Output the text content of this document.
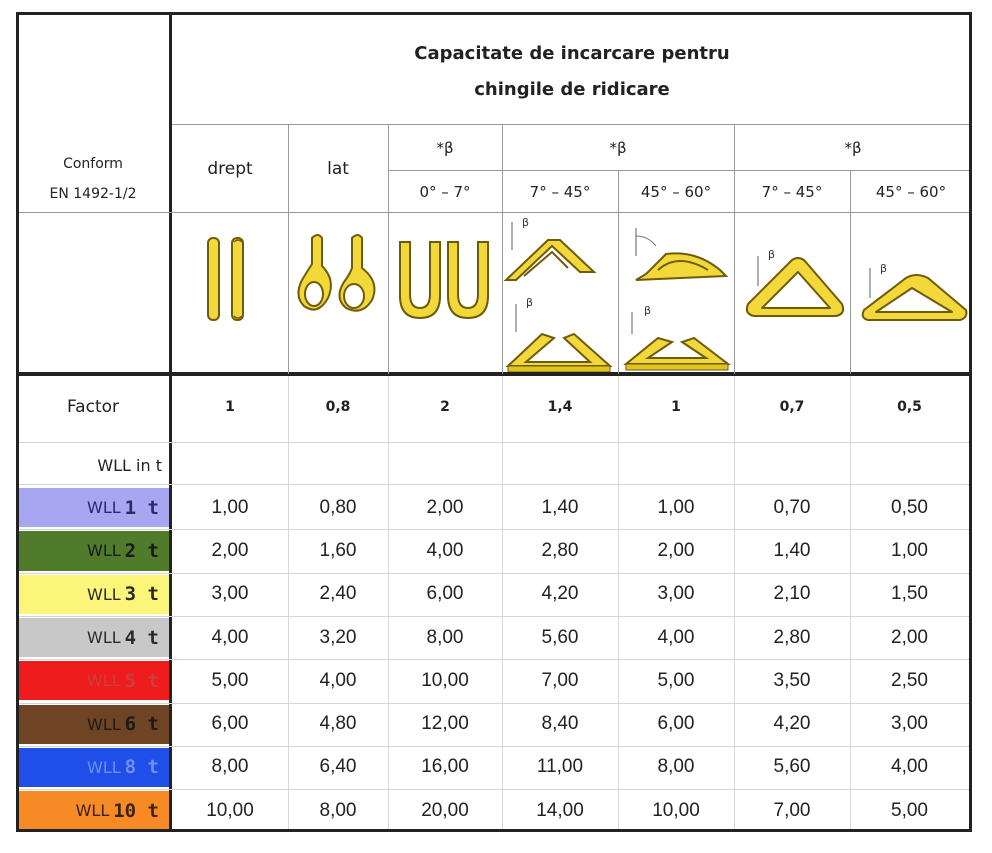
Capacitate de incarcare pentru
chingile de ridicare
Conform
EN 1492-1/2
drept	lat
*β	*β	*β
0° – 7°	7° – 45°	45° – 60°	7° – 45°	45° – 60°
β
β
β
β
β
Factor	1	0,8	2	1,4	1	0,7	0,5
WLL in t
WLL 1 t	1,00	0,80	2,00	1,40	1,00	0,70	0,50
WLL 2 t	2,00	1,60	4,00	2,80	2,00	1,40	1,00
WLL 3 t	3,00	2,40	6,00	4,20	3,00	2,10	1,50
WLL 4 t	4,00	3,20	8,00	5,60	4,00	2,80	2,00
WLL 5 t	5,00	4,00	10,00	7,00	5,00	3,50	2,50
WLL 6 t	6,00	4,80	12,00	8,40	6,00	4,20	3,00
WLL 8 t	8,00	6,40	16,00	11,00	8,00	5,60	4,00
WLL 10 t	10,00	8,00	20,00	14,00	10,00	7,00	5,00
